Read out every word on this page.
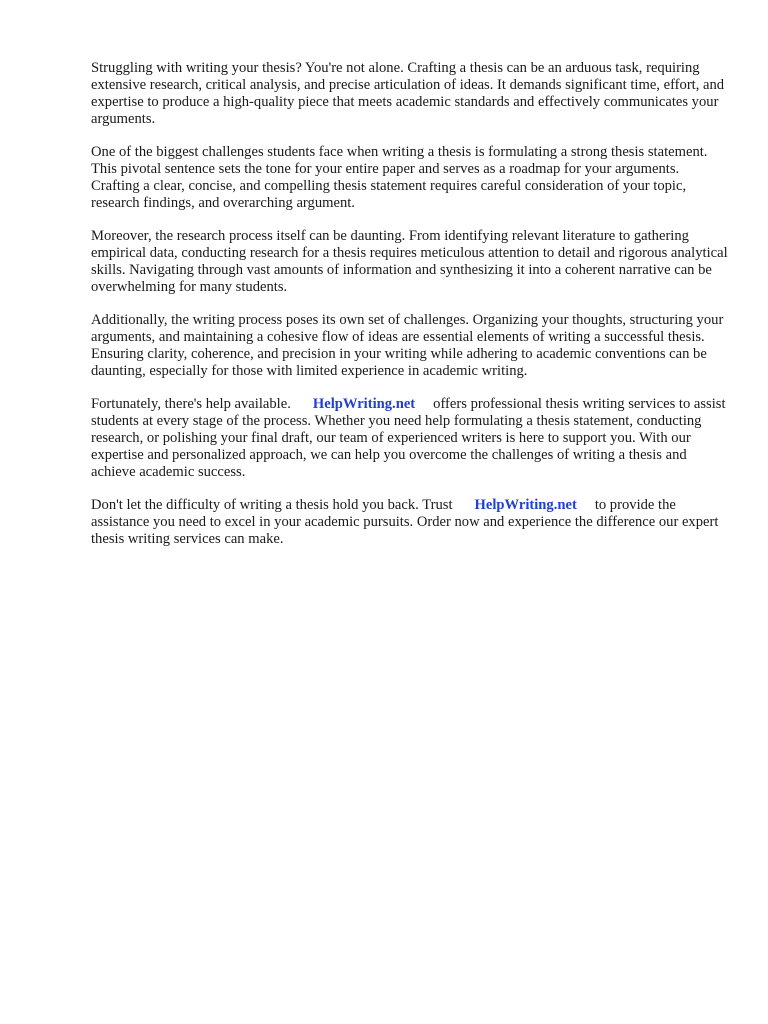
Struggling with writing your thesis? You're not alone. Crafting a thesis can be an arduous task, requiring extensive research, critical analysis, and precise articulation of ideas. It demands significant time, effort, and expertise to produce a high-quality piece that meets academic standards and effectively communicates your arguments.

One of the biggest challenges students face when writing a thesis is formulating a strong thesis statement. This pivotal sentence sets the tone for your entire paper and serves as a roadmap for your arguments. Crafting a clear, concise, and compelling thesis statement requires careful consideration of your topic, research findings, and overarching argument.

Moreover, the research process itself can be daunting. From identifying relevant literature to gathering empirical data, conducting research for a thesis requires meticulous attention to detail and rigorous analytical skills. Navigating through vast amounts of information and synthesizing it into a coherent narrative can be overwhelming for many students.

Additionally, the writing process poses its own set of challenges. Organizing your thoughts, structuring your arguments, and maintaining a cohesive flow of ideas are essential elements of writing a successful thesis. Ensuring clarity, coherence, and precision in your writing while adhering to academic conventions can be daunting, especially for those with limited experience in academic writing.

Fortunately, there's help available. HelpWriting.net offers professional thesis writing services to assist students at every stage of the process. Whether you need help formulating a thesis statement, conducting research, or polishing your final draft, our team of experienced writers is here to support you. With our expertise and personalized approach, we can help you overcome the challenges of writing a thesis and achieve academic success.

Don't let the difficulty of writing a thesis hold you back. Trust HelpWriting.net to provide the assistance you need to excel in your academic pursuits. Order now and experience the difference our expert thesis writing services can make.
